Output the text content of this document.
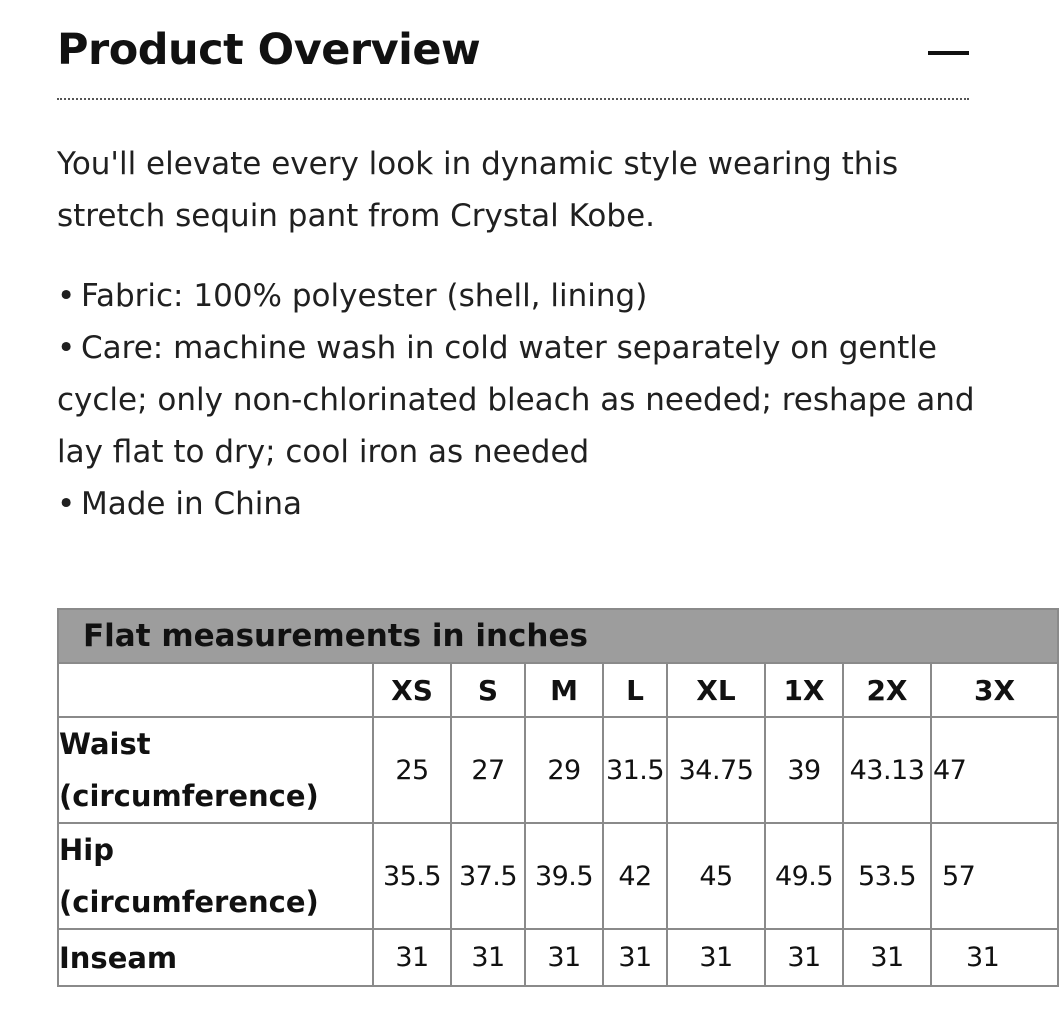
Product Overview

You'll elevate every look in dynamic style wearing this stretch sequin pant from Crystal Kobe.

• Fabric: 100% polyester (shell, lining)
• Care: machine wash in cold water separately on gentle cycle; only non-chlorinated bleach as needed; reshape and lay flat to dry; cool iron as needed
• Made in China
Flat measurements in inches								
	XS	S	M	L	XL	1X	2X	3X
Waist
(circumference)	25	27	29	31.5	34.75	39	43.13	47
Hip
(circumference)	35.5	37.5	39.5	42	45	49.5	53.5	57
Inseam	31	31	31	31	31	31	31	31
